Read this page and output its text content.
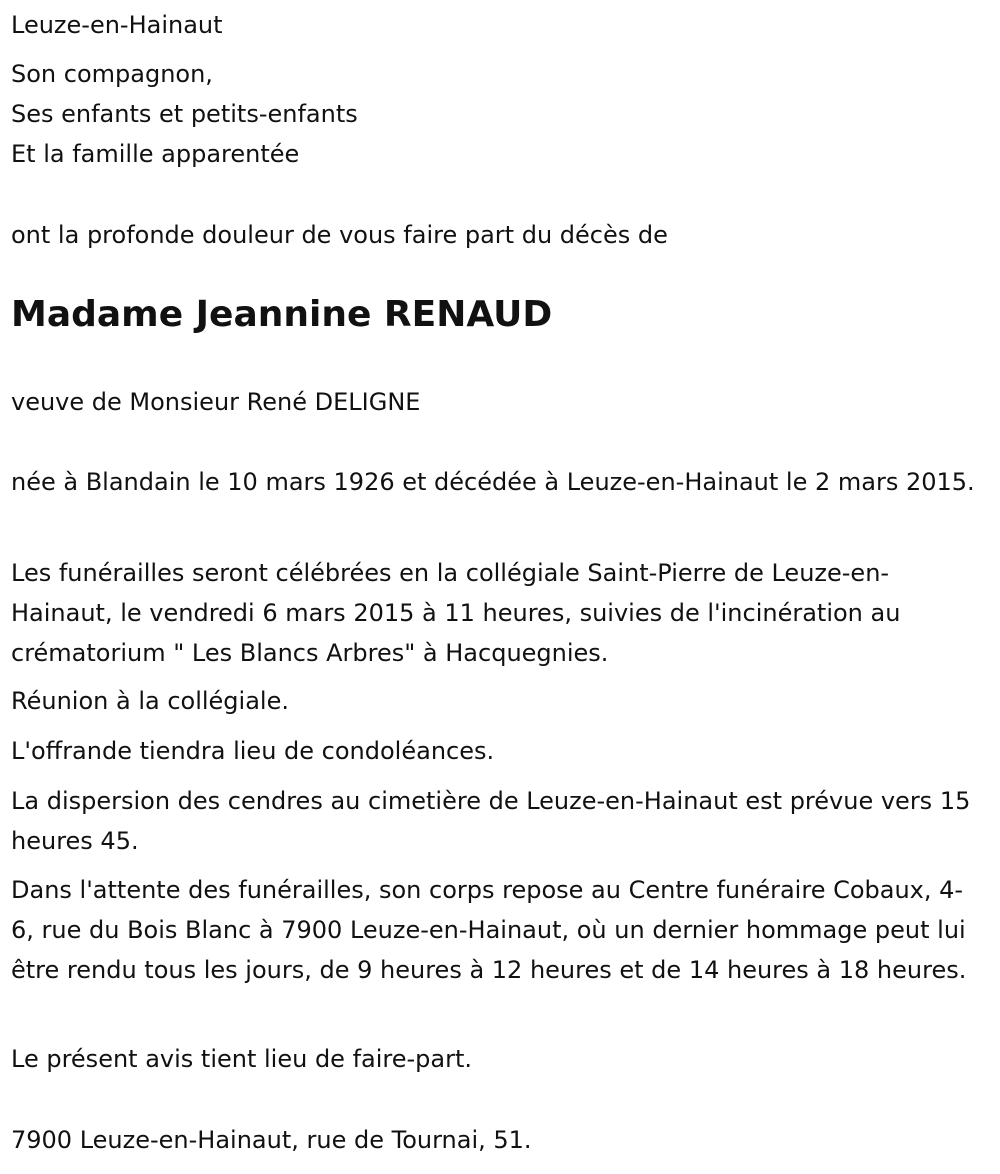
Leuze-en-Hainaut
Son compagnon,
Ses enfants et petits-enfants
Et la famille apparentée
ont la profonde douleur de vous faire part du décès de
Madame Jeannine RENAUD
veuve de Monsieur René DELIGNE

née à Blandain le 10 mars 1926 et décédée à Leuze-en-Hainaut le 2 mars 2015.

Les funérailles seront célébrées en la collégiale Saint-Pierre de Leuze-en-Hainaut, le vendredi 6 mars 2015 à 11 heures, suivies de l'incinération au crématorium " Les Blancs Arbres" à Hacquegnies.

Réunion à la collégiale.
L'offrande tiendra lieu de condoléances.

La dispersion des cendres au cimetière de Leuze-en-Hainaut est prévue vers 15 heures 45.

Dans l'attente des funérailles, son corps repose au Centre funéraire Cobaux, 4-6, rue du Bois Blanc à 7900 Leuze-en-Hainaut, où un dernier hommage peut lui être rendu tous les jours, de 9 heures à 12 heures et de 14 heures à 18 heures.

Le présent avis tient lieu de faire-part.
7900 Leuze-en-Hainaut, rue de Tournai, 51.
